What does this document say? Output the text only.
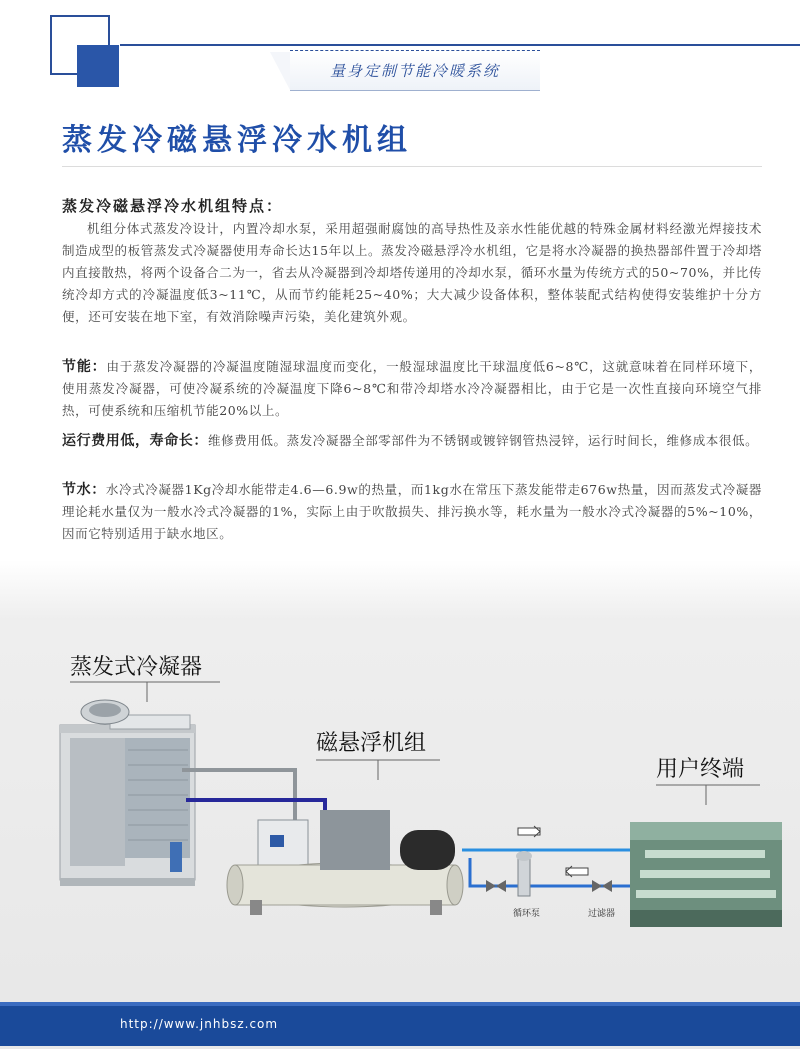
量身定制节能冷暖系统
蒸发冷磁悬浮冷水机组
蒸发冷磁悬浮冷水机组特点：

机组分体式蒸发冷设计，内置冷却水泵，采用超强耐腐蚀的高导热性及亲水性能优越的特殊金属材料经激光焊接技术制造成型的板管蒸发式冷凝器使用寿命长达15年以上。蒸发冷磁悬浮冷水机组，它是将水冷凝器的换热器部件置于冷却塔内直接散热，将两个设备合二为一，省去从冷凝器到冷却塔传递用的冷却水泵，循环水量为传统方式的50~70%，并比传统冷却方式的冷凝温度低3~11℃，从而节约能耗25~40%；大大减少设备体积，整体装配式结构使得安装维护十分方便，还可安装在地下室，有效消除噪声污染，美化建筑外观。

节能：由于蒸发冷凝器的冷凝温度随湿球温度而变化，一般湿球温度比干球温度低6~8℃，这就意味着在同样环境下，使用蒸发冷凝器，可使冷凝系统的冷凝温度下降6~8℃和带冷却塔水冷冷凝器相比，由于它是一次性直接向环境空气排热，可使系统和压缩机节能20%以上。

运行费用低，寿命长：维修费用低。蒸发冷凝器全部零部件为不锈钢或镀锌钢管热浸锌，运行时间长，维修成本很低。

节水：水冷式冷凝器1Kg冷却水能带走4.6—6.9w的热量，而1kg水在常压下蒸发能带走676w热量，因而蒸发式冷凝器理论耗水量仅为一般水冷式冷凝器的1%，实际上由于吹散损失、排污换水等，耗水量为一般水冷式冷凝器的5%~10%，因而它特别适用于缺水地区。

蒸发式冷凝器
磁悬浮机组
用户终端
循环泵	过滤器
http://www.jnhbsz.com
